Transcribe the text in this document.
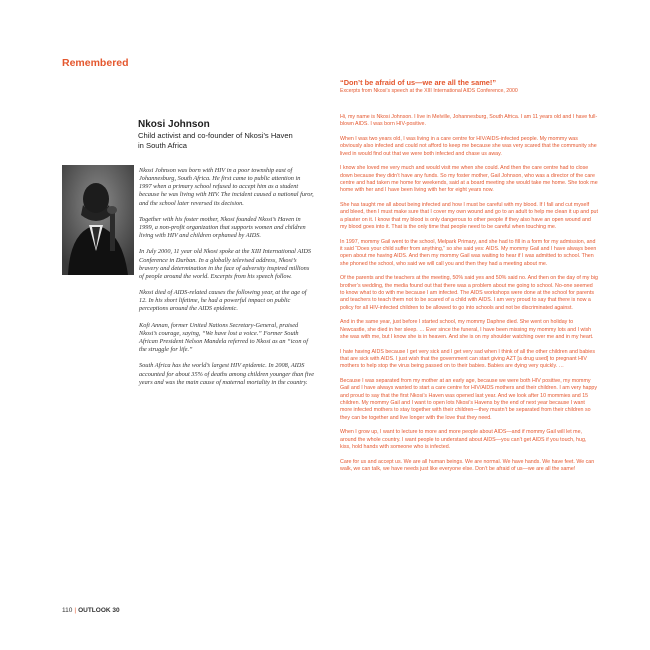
Remembered
Nkosi Johnson
Child activist and co-founder of Nkosi’s Haven in South Africa

Nkosi Johnson was born with HIV in a poor township east of Johannesburg, South Africa. He first came to public attention in 1997 when a primary school refused to accept him as a student because he was living with HIV. The incident caused a national furor, and the school later reversed its decision.

Together with his foster mother, Nkosi founded Nkosi’s Haven in 1999, a non-profit organization that supports women and children living with HIV and children orphaned by AIDS.

In July 2000, 11 year old Nkosi spoke at the XIII International AIDS Conference in Durban. In a globally televised address, Nkosi’s bravery and determination in the face of adversity inspired millions of people around the world. Excerpts from his speech follow.

Nkosi died of AIDS-related causes the following year, at the age of 12. In his short lifetime, he had a powerful impact on public perceptions around the AIDS epidemic.

Kofi Annan, former United Nations Secretary-General, praised Nkosi’s courage, saying, “We have lost a voice.” Former South African President Nelson Mandela referred to Nkosi as an “icon of the struggle for life.”

South Africa has the world’s largest HIV epidemic. In 2008, AIDS accounted for about 35% of deaths among children younger than five years and was the main cause of maternal mortality in the country.

“Don’t be afraid of us—we are all the same!”
Excerpts from Nkosi’s speech at the XIII International AIDS Conference, 2000

Hi, my name is Nkosi Johnson. I live in Melville, Johannesburg, South Africa. I am 11 years old and I have full-blown AIDS. I was born HIV-positive.

When I was two years old, I was living in a care centre for HIV/AIDS-infected people. My mommy was obviously also infected and could not afford to keep me because she was very scared that the community she lived in would find out that we were both infected and chase us away.

I know she loved me very much and would visit me when she could. And then the care centre had to close down because they didn’t have any funds. So my foster mother, Gail Johnson, who was a director of the care centre and had taken me home for weekends, said at a board meeting she would take me home. She took me home with her and I have been living with her for eight years now.

She has taught me all about being infected and how I must be careful with my blood. If I fall and cut myself and bleed, then I must make sure that I cover my own wound and go to an adult to help me clean it up and put a plaster on it. I know that my blood is only dangerous to other people if they also have an open wound and my blood goes into it. That is the only time that people need to be careful when touching me.

In 1997, mommy Gail went to the school, Melpark Primary, and she had to fill in a form for my admission, and it said “Does your child suffer from anything,” so she said yes: AIDS. My mommy Gail and I have always been open about me having AIDS. And then my mommy Gail was waiting to hear if I was admitted to school. Then she phoned the school, who said we will call you and then they had a meeting about me.

Of the parents and the teachers at the meeting, 50% said yes and 50% said no. And then on the day of my big brother’s wedding, the media found out that there was a problem about me going to school. No-one seemed to know what to do with me because I am infected. The AIDS workshops were done at the school for parents and teachers to teach them not to be scared of a child with AIDS. I am very proud to say that there is now a policy for all HIV-infected children to be allowed to go into schools and not be discriminated against.

And in the same year, just before I started school, my mommy Daphne died. She went on holiday to Newcastle, she died in her sleep. … Ever since the funeral, I have been missing my mommy lots and I wish she was with me, but I know she is in heaven. And she is on my shoulder watching over me and in my heart.

I hate having AIDS because I get very sick and I get very sad when I think of all the other children and babies that are sick with AIDS. I just wish that the government can start giving AZT [a drug used] to pregnant HIV mothers to help stop the virus being passed on to their babies. Babies are dying very quickly. …

Because I was separated from my mother at an early age, because we were both HIV positive, my mommy Gail and I have always wanted to start a care centre for HIV/AIDS mothers and their children. I am very happy and proud to say that the first Nkosi’s Haven was opened last year. And we look after 10 mommies and 15 children. My mommy Gail and I want to open lots Nkosi’s Havens by the end of next year because I want more infected mothers to stay together with their children—they mustn’t be separated from their children so they can be together and live longer with the love that they need.

When I grow up, I want to lecture to more and more people about AIDS—and if mommy Gail will let me, around the whole country. I want people to understand about AIDS—you can’t get AIDS if you touch, hug, kiss, hold hands with someone who is infected.

Care for us and accept us. We are all human beings. We are normal. We have hands. We have feet. We can walk, we can talk, we have needs just like everyone else. Don’t be afraid of us—we are all the same!

110 | OUTLOOK 30
